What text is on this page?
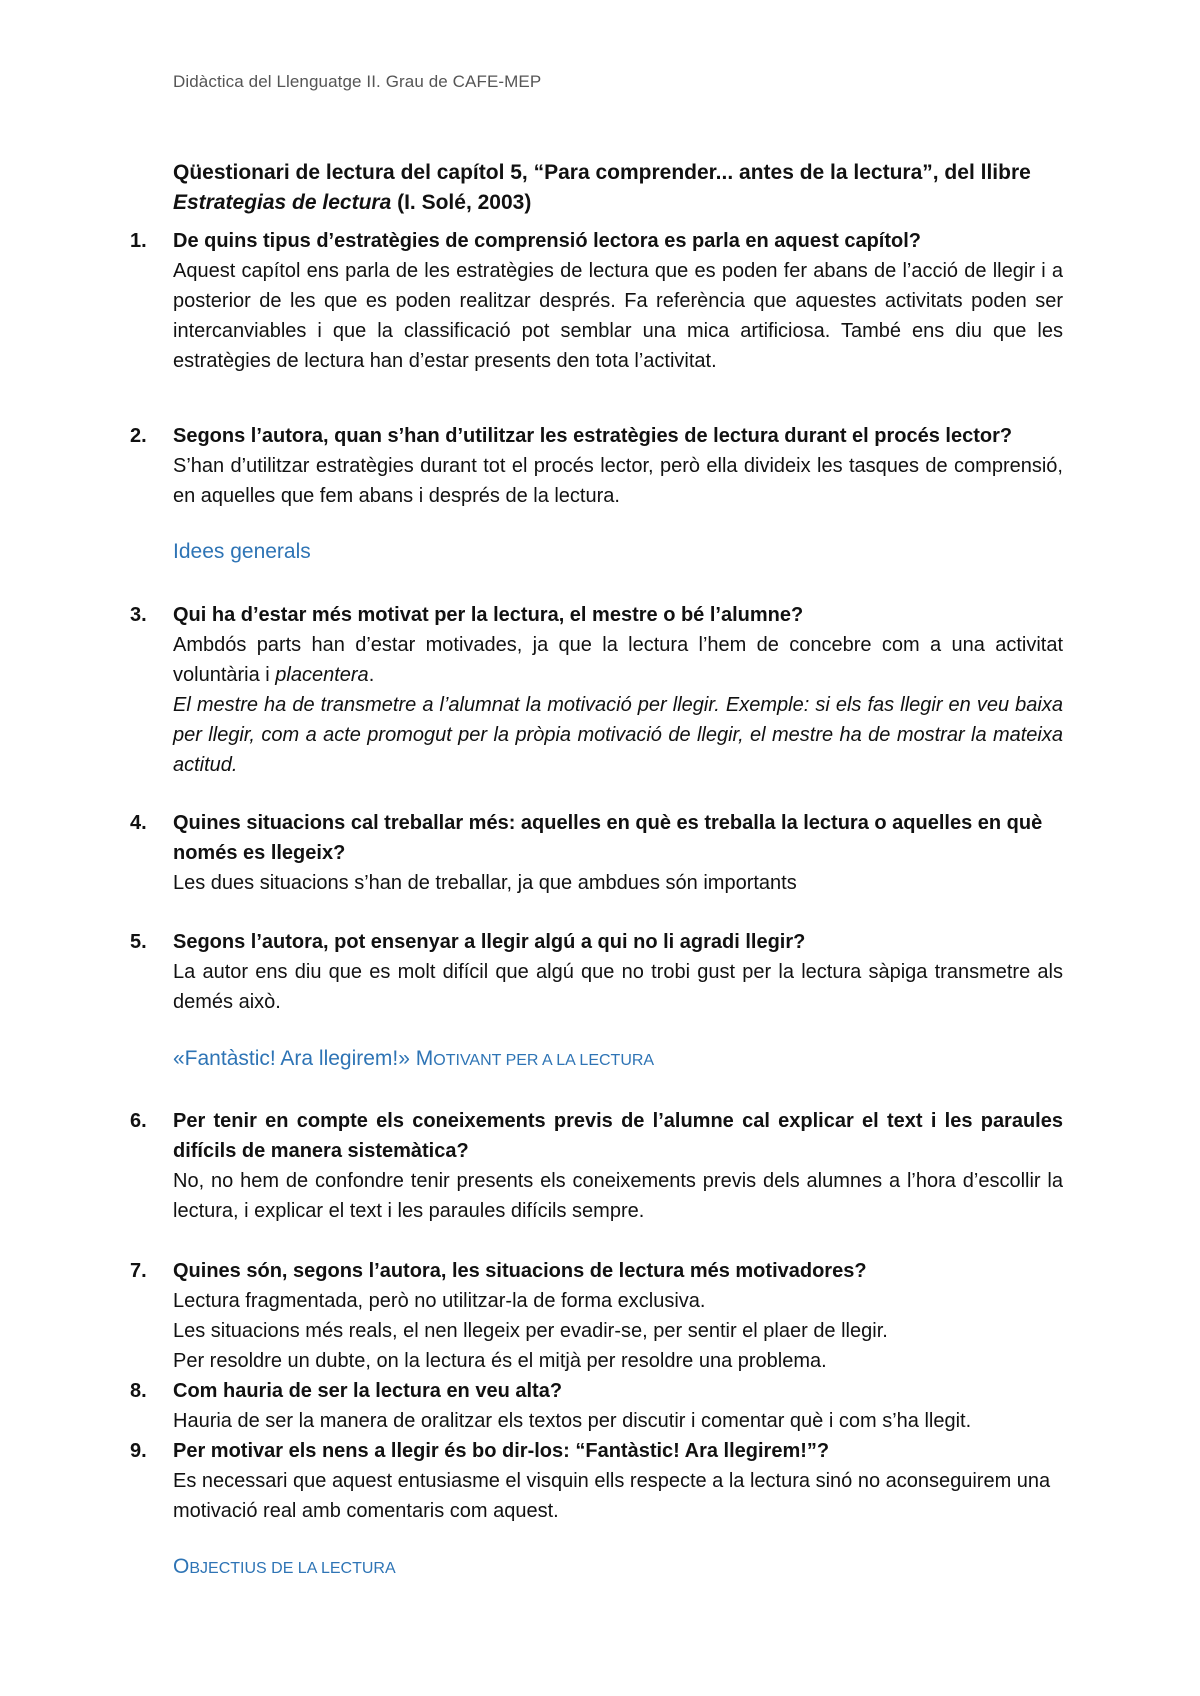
Didàctica del Llenguatge II. Grau de CAFE-MEP
Qüestionari de lectura del capítol 5, “Para comprender... antes de la lectura”, del llibre Estrategias de lectura (I. Solé, 2003)
1.	De quins tipus d’estratègies de comprensió lectora es parla en aquest capítol?

Aquest capítol ens parla de les estratègies de lectura que es poden fer abans de l’acció de llegir i a posterior de les que es poden realitzar després. Fa referència que aquestes activitats poden ser intercanviables i que la classificació pot semblar una mica artificiosa. També ens diu que les estratègies de lectura han d’estar presents den tota l’activitat.

2.	Segons l’autora, quan s’han d’utilitzar les estratègies de lectura durant el procés lector?

S’han d’utilitzar estratègies durant tot el procés lector, però ella divideix les tasques de comprensió, en aquelles que fem abans i després de la lectura.

Idees generals
3.	Qui ha d’estar més motivat per la lectura, el mestre o bé l’alumne?

Ambdós parts han d’estar motivades, ja que la lectura l’hem de concebre com a una activitat voluntària i placentera.

El mestre ha de transmetre a l’alumnat la motivació per llegir. Exemple: si els fas llegir en veu baixa per llegir, com a acte promogut per la pròpia motivació de llegir, el mestre ha de mostrar la mateixa actitud.

4.	Quines situacions cal treballar més: aquelles en què es treballa la lectura o aquelles en què només es llegeix?

Les dues situacions s’han de treballar, ja que ambdues són importants

5.	Segons l’autora, pot ensenyar a llegir algú a qui no li agradi llegir?

La autor ens diu que es molt difícil que algú que no trobi gust per la lectura sàpiga transmetre als demés això.

«Fantàstic! Ara llegirem!» MOTIVANT PER A LA LECTURA
6.	Per tenir en compte els coneixements previs de l’alumne cal explicar el text i les paraules difícils de manera sistemàtica?

No, no hem de confondre tenir presents els coneixements previs dels alumnes a l’hora d’escollir la lectura, i explicar el text i les paraules difícils sempre.

7.	Quines són, segons l’autora, les situacions de lectura més motivadores?

Lectura fragmentada, però no utilitzar-la de forma exclusiva.

Les situacions més reals, el nen llegeix per evadir-se, per sentir el plaer de llegir.

Per resoldre un dubte, on la lectura és el mitjà per resoldre una problema.

8.	Com hauria de ser la lectura en veu alta?

Hauria de ser la manera de oralitzar els textos per discutir i comentar què i com s’ha llegit.

9.	Per motivar els nens a llegir és bo dir-los: “Fantàstic! Ara llegirem!”?

Es necessari que aquest entusiasme el visquin ells respecte a la lectura sinó no aconseguirem una motivació real amb comentaris com aquest.

OBJECTIUS DE LA LECTURA
